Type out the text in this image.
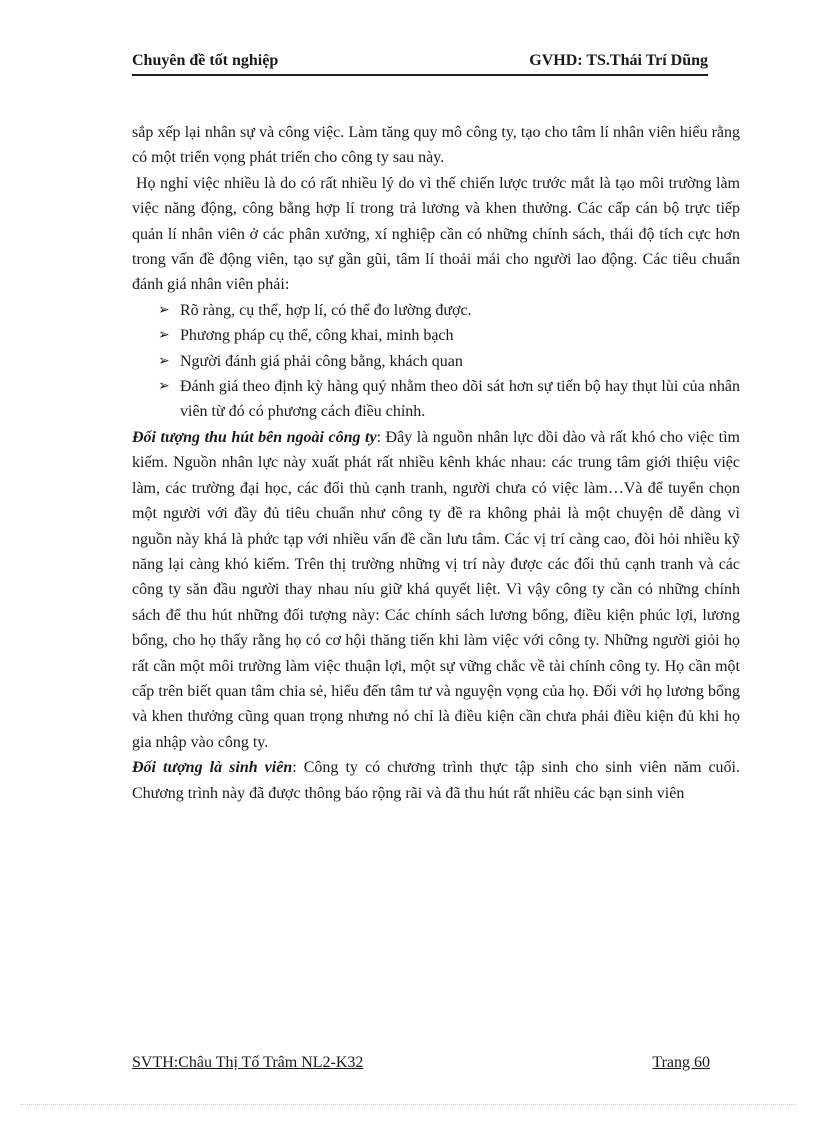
Chuyên đề tốt nghiệp	GVHD: TS.Thái Trí Dũng

sắp xếp lại nhân sự và công việc. Làm tăng quy mô công ty, tạo cho tâm lí nhân viên hiểu rằng có một triển vọng phát triển cho công ty sau này.

Họ nghỉ việc nhiều là do có rất nhiều lý do vì thế chiến lược trước mắt là tạo môi trường làm việc năng động, công bằng hợp lí trong trả lương và khen thưởng. Các cấp cán bộ trực tiếp quản lí nhân viên ở các phân xưởng, xí nghiệp cần có những chính sách, thái độ tích cực hơn trong vấn đề động viên, tạo sự gần gũi, tâm lí thoải mái cho người lao động. Các tiêu chuẩn đánh giá nhân viên phải:

➢ Rõ ràng, cụ thể, hợp lí, có thể đo lường được.
➢ Phương pháp cụ thể, công khai, minh bạch
➢ Người đánh giá phải công bằng, khách quan
➢ Đánh giá theo định kỳ hàng quý nhằm theo dõi sát hơn sự tiến bộ hay thụt lùi của nhân viên từ đó có phương cách điều chỉnh.

Đối tượng thu hút bên ngoài công ty: Đây là nguồn nhân lực dồi dào và rất khó cho việc tìm kiếm. Nguồn nhân lực này xuất phát rất nhiều kênh khác nhau: các trung tâm giới thiệu việc làm, các trường đại học, các đối thủ cạnh tranh, người chưa có việc làm…Và để tuyển chọn một người với đầy đủ tiêu chuẩn như công ty đề ra không phải là một chuyện dễ dàng vì nguồn này khá là phức tạp với nhiều vấn đề cần lưu tâm. Các vị trí càng cao, đòi hỏi nhiều kỹ năng lại càng khó kiếm. Trên thị trường những vị trí này được các đối thủ cạnh tranh và các công ty săn đầu người thay nhau níu giữ khá quyết liệt. Vì vậy công ty cần có những chính sách để thu hút những đối tượng này: Các chính sách lương bổng, điều kiện phúc lợi, lương bổng, cho họ thấy rằng họ có cơ hội thăng tiến khi làm việc với công ty. Những người giỏi họ rất cần một môi trường làm việc thuận lợi, một sự vững chắc về tài chính công ty. Họ cần một cấp trên biết quan tâm chia sẻ, hiểu đến tâm tư và nguyện vọng của họ. Đối với họ lương bổng và khen thưởng cũng quan trọng nhưng nó chỉ là điều kiện cần chưa phải điều kiện đủ khi họ gia nhập vào công ty.

Đối tượng là sinh viên: Công ty có chương trình thực tập sinh cho sinh viên năm cuối. Chương trình này đã được thông báo rộng rãi và đã thu hút rất nhiều các bạn sinh viên

SVTH:Châu Thị Tố Trâm NL2-K32	Trang 60
